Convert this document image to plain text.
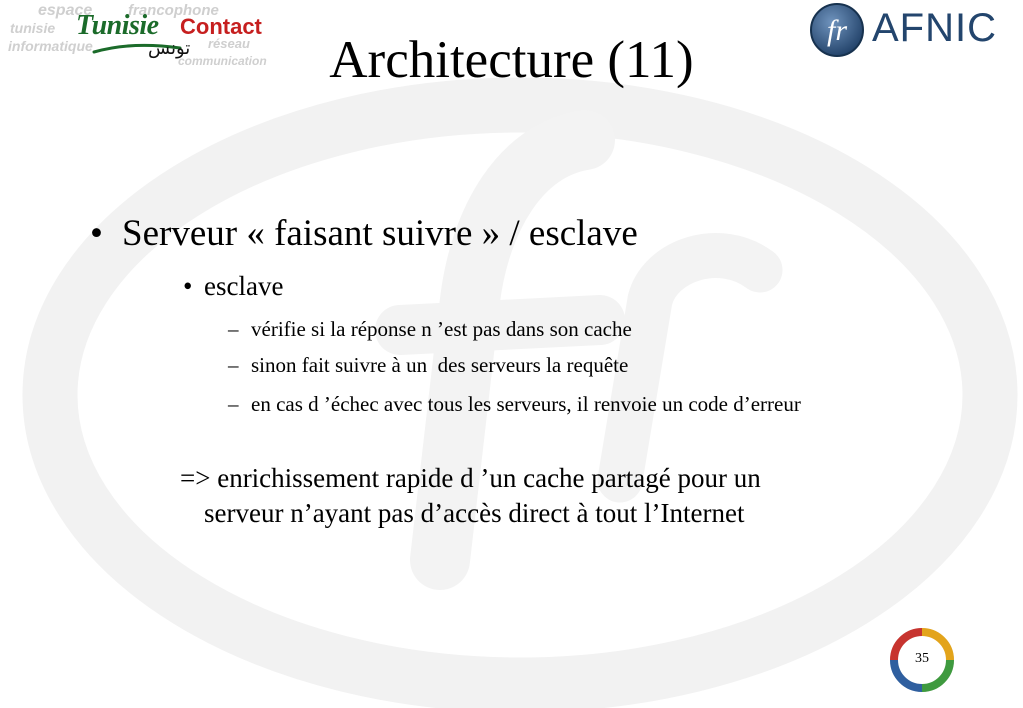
espace francophone
tunisie
réseau
informatique
communication
Tunisie Contact
تونس
fr AFNIC
Architecture (11)
• Serveur « faisant suivre » / esclave
• esclave
– vérifie si la réponse n ’est pas dans son cache
– sinon fait suivre à un  des serveurs la requête
– en cas d ’échec avec tous les serveurs, il renvoie un code d’erreur
=> enrichissement rapide d ’un cache partagé pour un
serveur n’ayant pas d’accès direct à tout l’Internet
35
